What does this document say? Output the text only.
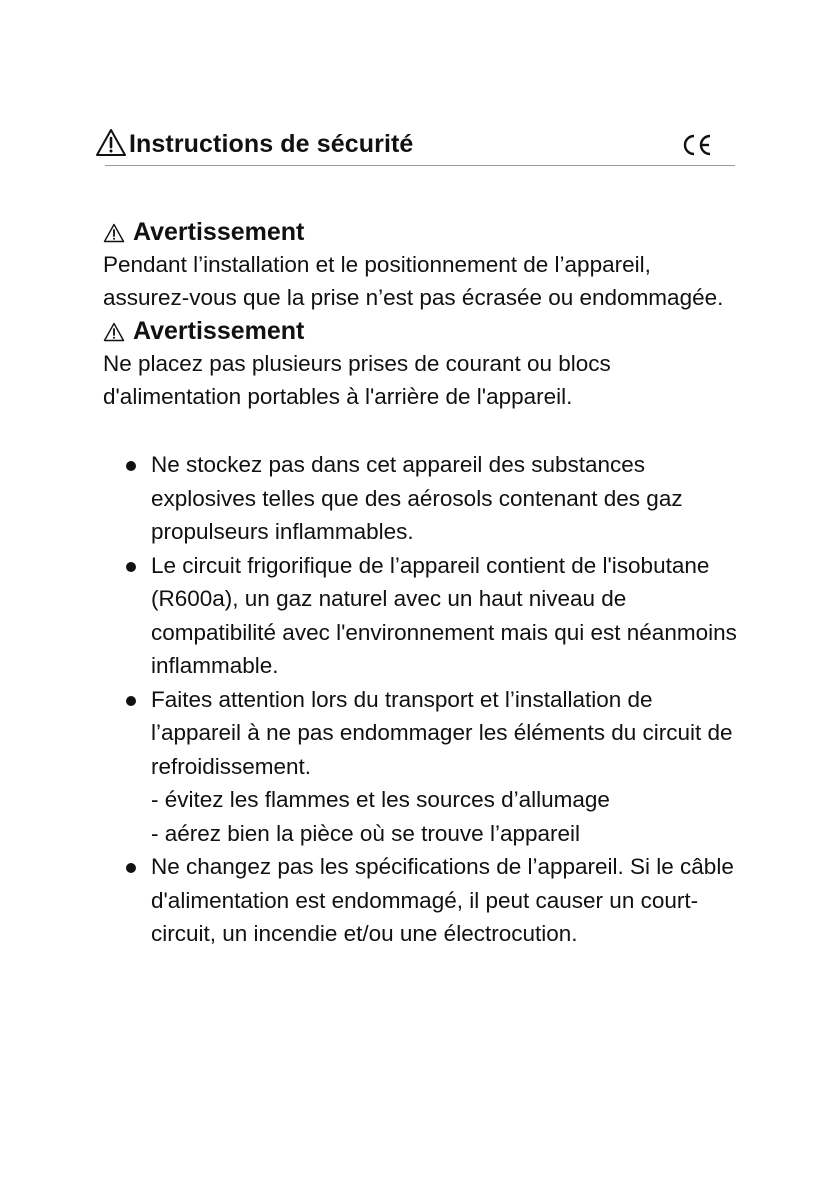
Instructions de sécurité
Avertissement

Pendant l’installation et le positionnement de l’appareil, assurez-vous que la prise n’est pas écrasée ou endommagée.

Avertissement

Ne placez pas plusieurs prises de courant ou blocs d'alimentation portables à l'arrière de l'appareil.

Ne stockez pas dans cet appareil des substances explosives telles que des aérosols contenant des gaz propulseurs inflammables.
Le circuit frigorifique de l’appareil contient de l'isobutane (R600a), un gaz naturel avec un haut niveau de compatibilité avec l'environnement mais qui est néanmoins inflammable.
Faites attention lors du transport et l’installation de l’appareil à ne pas endommager les éléments du circuit de refroidissement.
- évitez les flammes et les sources d’allumage
- aérez bien la pièce où se trouve l’appareil
Ne changez pas les spécifications de l’appareil. Si le câble d'alimentation est endommagé, il peut causer un court-circuit, un incendie et/ou une électrocution.
